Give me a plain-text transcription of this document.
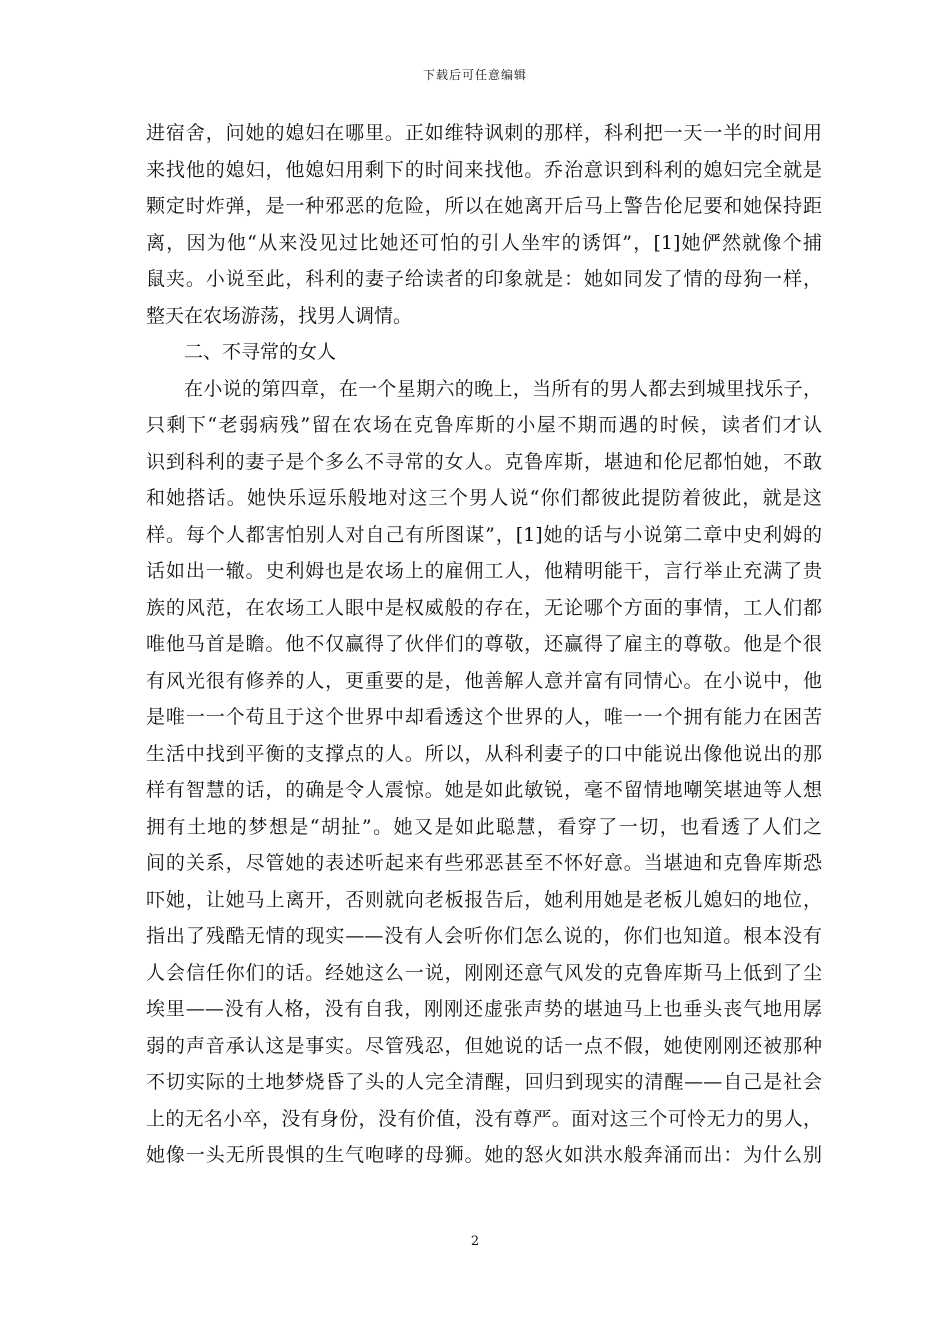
下载后可任意编辑
进宿舍，问她的媳妇在哪里。正如维特讽刺的那样，科利把一天一半的时间用
来找他的媳妇，他媳妇用剩下的时间来找他。乔治意识到科利的媳妇完全就是
颗定时炸弹，是一种邪恶的危险，所以在她离开后马上警告伦尼要和她保持距
离，因为他“从来没见过比她还可怕的引人坐牢的诱饵”，[1]她俨然就像个捕
鼠夹。小说至此，科利的妻子给读者的印象就是：她如同发了情的母狗一样，
整天在农场游荡，找男人调情。
二、不寻常的女人
在小说的第四章，在一个星期六的晚上，当所有的男人都去到城里找乐子，
只剩下“老弱病残”留在农场在克鲁库斯的小屋不期而遇的时候，读者们才认
识到科利的妻子是个多么不寻常的女人。克鲁库斯，堪迪和伦尼都怕她，不敢
和她搭话。她快乐逗乐般地对这三个男人说“你们都彼此提防着彼此，就是这
样。每个人都害怕别人对自己有所图谋”，[1]她的话与小说第二章中史利姆的
话如出一辙。史利姆也是农场上的雇佣工人，他精明能干，言行举止充满了贵
族的风范，在农场工人眼中是权威般的存在，无论哪个方面的事情，工人们都
唯他马首是瞻。他不仅赢得了伙伴们的尊敬，还赢得了雇主的尊敬。他是个很
有风光很有修养的人，更重要的是，他善解人意并富有同情心。在小说中，他
是唯一一个苟且于这个世界中却看透这个世界的人，唯一一个拥有能力在困苦
生活中找到平衡的支撑点的人。所以，从科利妻子的口中能说出像他说出的那
样有智慧的话，的确是令人震惊。她是如此敏锐，毫不留情地嘲笑堪迪等人想
拥有土地的梦想是“胡扯”。她又是如此聪慧，看穿了一切，也看透了人们之
间的关系，尽管她的表述听起来有些邪恶甚至不怀好意。当堪迪和克鲁库斯恐
吓她，让她马上离开，否则就向老板报告后，她利用她是老板儿媳妇的地位，
指出了残酷无情的现实——没有人会听你们怎么说的，你们也知道。根本没有
人会信任你们的话。经她这么一说，刚刚还意气风发的克鲁库斯马上低到了尘
埃里——没有人格，没有自我，刚刚还虚张声势的堪迪马上也垂头丧气地用孱
弱的声音承认这是事实。尽管残忍，但她说的话一点不假，她使刚刚还被那种
不切实际的土地梦烧昏了头的人完全清醒，回归到现实的清醒——自己是社会
上的无名小卒，没有身份，没有价值，没有尊严。面对这三个可怜无力的男人，
她像一头无所畏惧的生气咆哮的母狮。她的怒火如洪水般奔涌而出：为什么别
2
